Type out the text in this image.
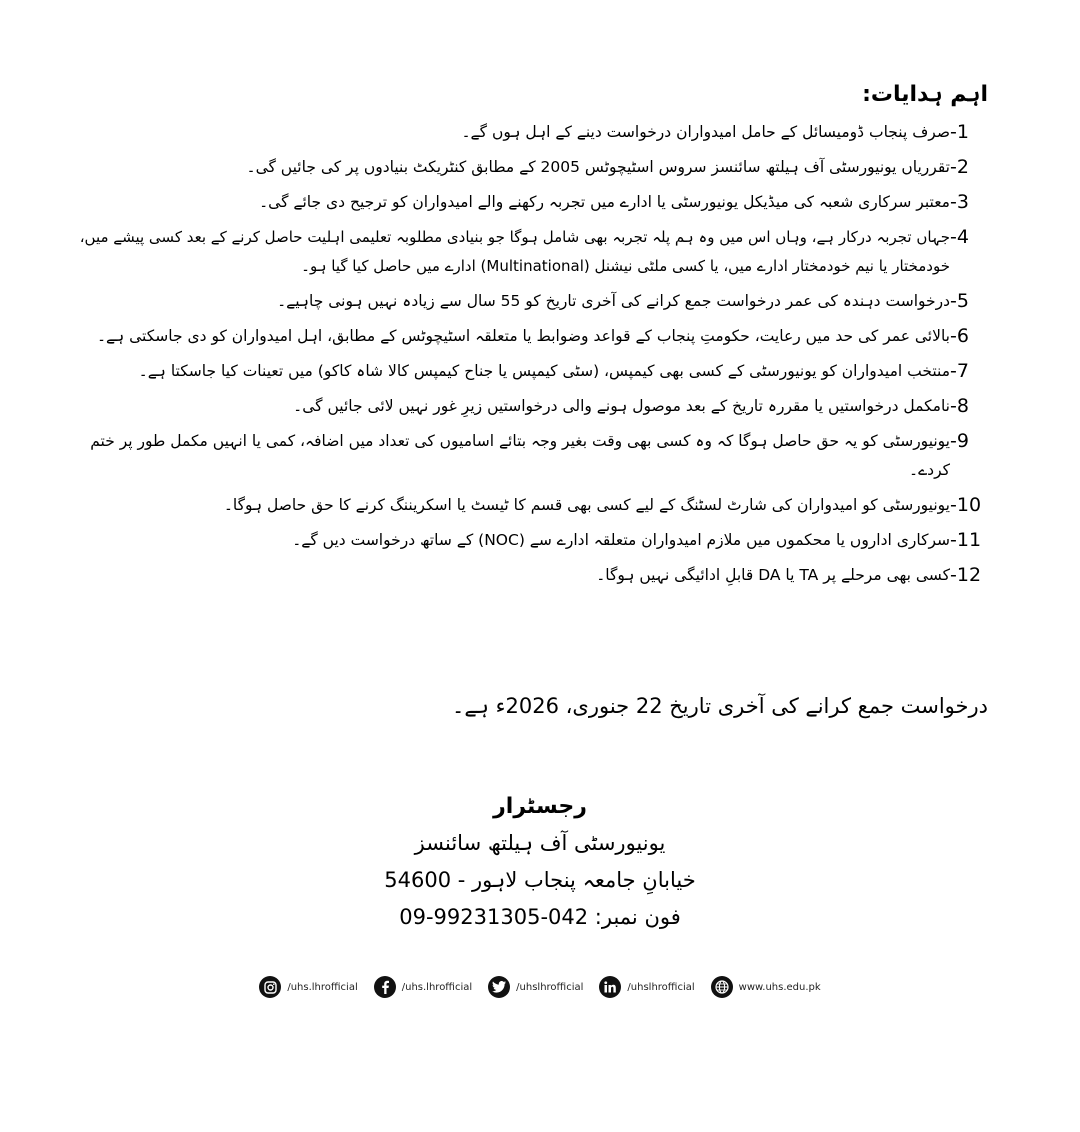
اہم ہدایات:
-1
صرف پنجاب ڈومیسائل کے حامل امیدواران درخواست دینے کے اہل ہوں گے۔
-2
تقرریاں یونیورسٹی آف ہیلتھ سائنسز سروس اسٹیچوٹس 2005 کے مطابق کنٹریکٹ بنیادوں پر کی جائیں گی۔
-3
معتبر سرکاری شعبہ کی میڈیکل یونیورسٹی یا ادارے میں تجربہ رکھنے والے امیدواران کو ترجیح دی جائے گی۔
-4
جہاں تجربہ درکار ہے، وہاں اس میں وہ ہم پلہ تجربہ بھی شامل ہوگا جو بنیادی مطلوبہ تعلیمی اہلیت حاصل کرنے کے بعد کسی پیشے میں، خودمختار یا نیم خودمختار ادارے میں، یا کسی ملٹی نیشنل (Multinational) ادارے میں حاصل کیا گیا ہو۔
-5
درخواست دہندہ کی عمر درخواست جمع کرانے کی آخری تاریخ کو 55 سال سے زیادہ نہیں ہونی چاہیے۔
-6
بالائی عمر کی حد میں رعایت، حکومتِ پنجاب کے قواعد وضوابط یا متعلقہ اسٹیچوٹس کے مطابق، اہل امیدواران کو دی جاسکتی ہے۔
-7
منتخب امیدواران کو یونیورسٹی کے کسی بھی کیمپس، (سٹی کیمپس یا جناح کیمپس کالا شاہ کاکو) میں تعینات کیا جاسکتا ہے۔
-8
نامکمل درخواستیں یا مقررہ تاریخ کے بعد موصول ہونے والی درخواستیں زیرِ غور نہیں لائی جائیں گی۔
-9
یونیورسٹی کو یہ حق حاصل ہوگا کہ وہ کسی بھی وقت بغیر وجہ بتائے اسامیوں کی تعداد میں اضافہ، کمی یا انہیں مکمل طور پر ختم کردے۔
-10
یونیورسٹی کو امیدواران کی شارٹ لسٹنگ کے لیے کسی بھی قسم کا ٹیسٹ یا اسکریننگ کرنے کا حق حاصل ہوگا۔
-11
سرکاری اداروں یا محکموں میں ملازم امیدواران متعلقہ ادارے سے (NOC) کے ساتھ درخواست دیں گے۔
-12
کسی بھی مرحلے پر TA یا DA قابلِ ادائیگی نہیں ہوگا۔
درخواست جمع کرانے کی آخری تاریخ 22 جنوری، 2026ء ہے۔
رجسٹرار
یونیورسٹی آف ہیلتھ سائنسز
خیابانِ جامعہ پنجاب لاہور - 54600
فون نمبر: 042-99231305-09
/uhs.lhrofficial	/uhs.lhrofficial	/uhslhrofficial	/uhslhrofficial	www.uhs.edu.pk
